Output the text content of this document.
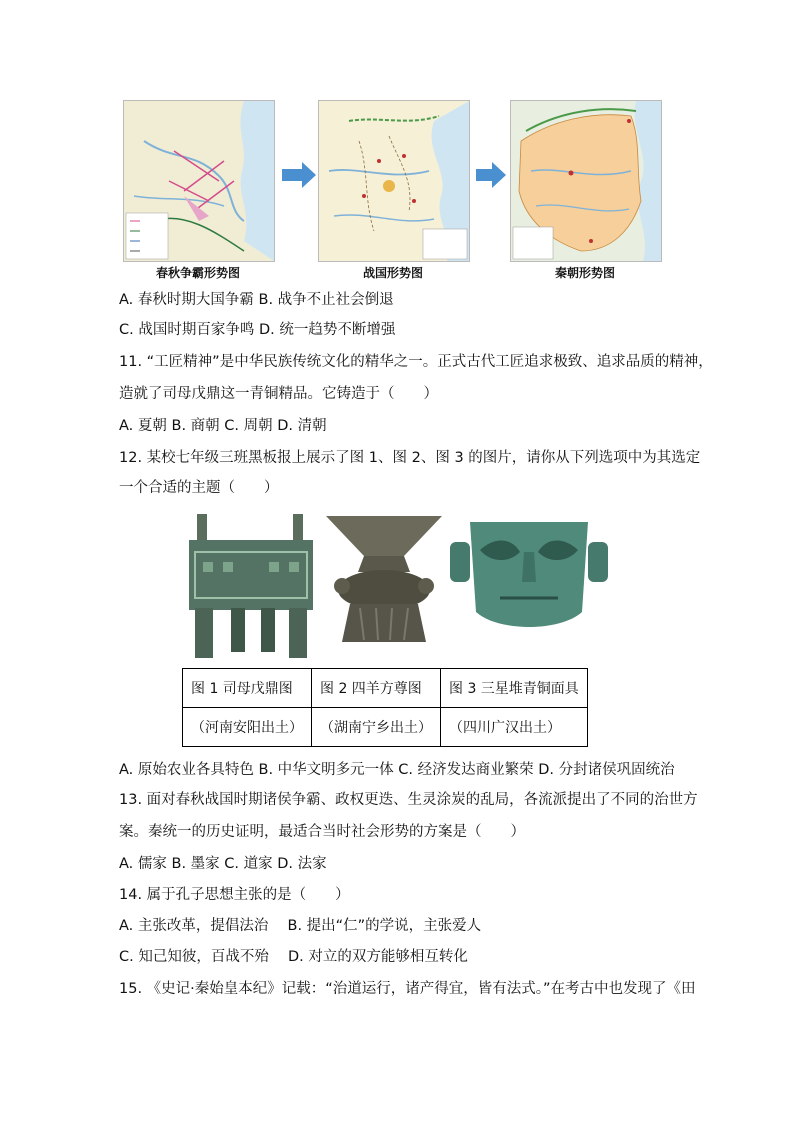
春秋争霸形势图	战国形势图	秦朝形势图
A. 春秋时期大国争霸 B. 战争不止社会倒退
C. 战国时期百家争鸣 D. 统一趋势不断增强
11. “工匠精神”是中华民族传统文化的精华之一。正式古代工匠追求极致、追求品质的精神，
造就了司母戊鼎这一青铜精品。它铸造于（　　）
A. 夏朝 B. 商朝 C. 周朝 D. 清朝
12. 某校七年级三班黑板报上展示了图 1、图 2、图 3 的图片，请你从下列选项中为其选定
一个合适的主题（　　）
图 1 司母戊鼎图	图 2 四羊方尊图	图 3 三星堆青铜面具
（河南安阳出土）	（湖南宁乡出土）	（四川广汉出土）
A. 原始农业各具特色 B. 中华文明多元一体 C. 经济发达商业繁荣 D. 分封诸侯巩固统治
13. 面对春秋战国时期诸侯争霸、政权更迭、生灵涂炭的乱局，各流派提出了不同的治世方
案。秦统一的历史证明，最适合当时社会形势的方案是（　　）
A. 儒家 B. 墨家 C. 道家 D. 法家
14. 属于孔子思想主张的是（　　）
A. 主张改革，提倡法治　 B. 提出“仁”的学说，主张爱人
C. 知己知彼，百战不殆　 D. 对立的双方能够相互转化
15. 《史记·秦始皇本纪》记载：“治道运行，诸产得宜，皆有法式。”在考古中也发现了《田
